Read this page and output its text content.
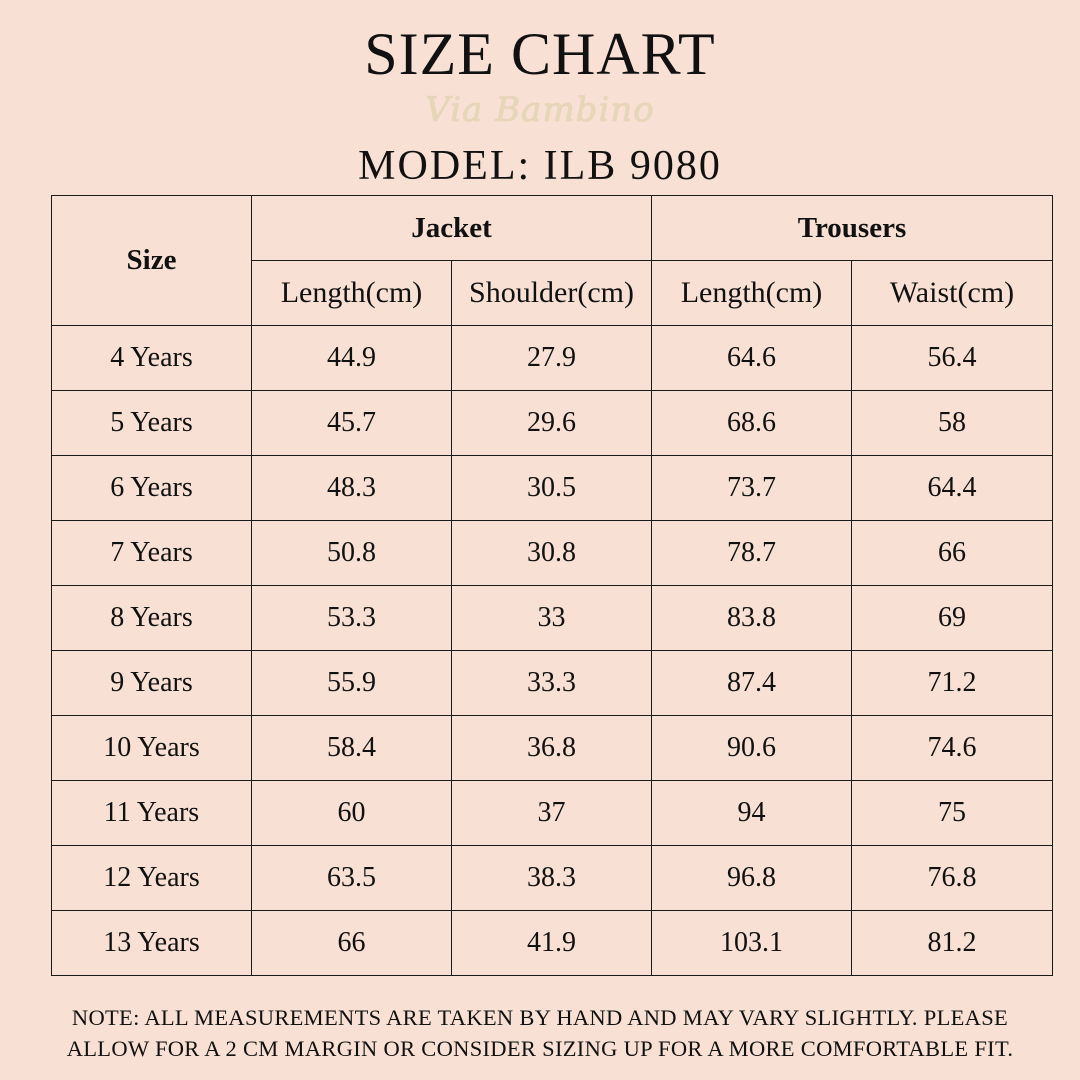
SIZE CHART
Via Bambino
MODEL: ILB 9080
Size	Jacket		Trousers	
	Length(cm)	Shoulder(cm)	Length(cm)	Waist(cm)
4 Years	44.9	27.9	64.6	56.4
5 Years	45.7	29.6	68.6	58
6 Years	48.3	30.5	73.7	64.4
7 Years	50.8	30.8	78.7	66
8 Years	53.3	33	83.8	69
9 Years	55.9	33.3	87.4	71.2
10 Years	58.4	36.8	90.6	74.6
11 Years	60	37	94	75
12 Years	63.5	38.3	96.8	76.8
13 Years	66	41.9	103.1	81.2
NOTE: ALL MEASUREMENTS ARE TAKEN BY HAND AND MAY VARY SLIGHTLY. PLEASE ALLOW FOR A 2 CM MARGIN OR CONSIDER SIZING UP FOR A MORE COMFORTABLE FIT.
